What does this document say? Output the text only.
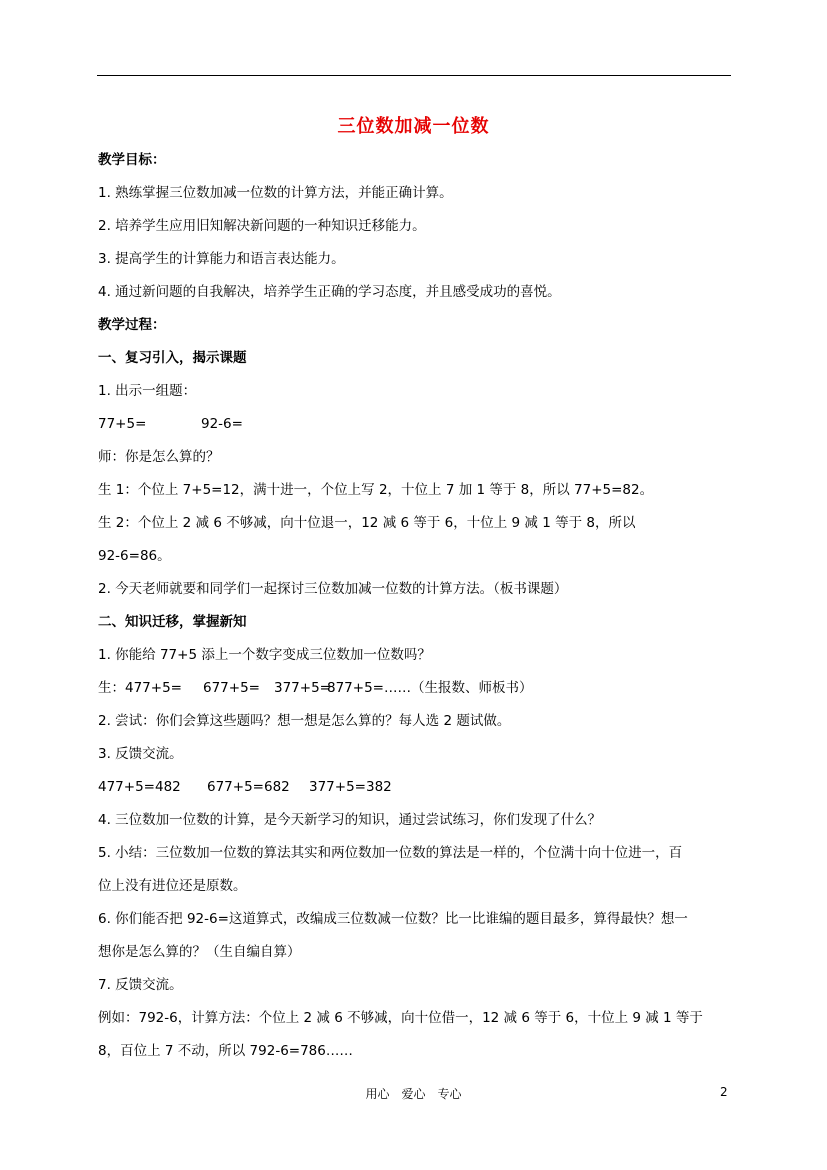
三位数加减一位数
教学目标：
1. 熟练掌握三位数加减一位数的计算方法，并能正确计算。
2. 培养学生应用旧知解决新问题的一种知识迁移能力。
3. 提高学生的计算能力和语言表达能力。
4. 通过新问题的自我解决，培养学生正确的学习态度，并且感受成功的喜悦。
教学过程：
一、复习引入，揭示课题
1. 出示一组题：
77+5=	92-6=
师：你是怎么算的？
生 1：个位上 7+5=12，满十进一，个位上写 2，十位上 7 加 1 等于 8，所以 77+5=82。
生 2：个位上 2 减 6 不够减，向十位退一，12 减 6 等于 6，十位上 9 减 1 等于 8，所以
92-6=86。
2. 今天老师就要和同学们一起探讨三位数加减一位数的计算方法。（板书课题）
二、知识迁移，掌握新知
1. 你能给 77+5 添上一个数字变成三位数加一位数吗？
生：477+5= 677+5= 377+5=877+5=……（生报数、师板书）
2. 尝试：你们会算这些题吗？想一想是怎么算的？每人选 2 题试做。
3. 反馈交流。
477+5=482 677+5=682 377+5=382
4. 三位数加一位数的计算，是今天新学习的知识，通过尝试练习，你们发现了什么？
5. 小结：三位数加一位数的算法其实和两位数加一位数的算法是一样的，个位满十向十位进一，百
位上没有进位还是原数。
6. 你们能否把 92-6=这道算式，改编成三位数减一位数？比一比谁编的题目最多，算得最快？想一
想你是怎么算的？（生自编自算）
7. 反馈交流。
例如：792-6，计算方法：个位上 2 减 6 不够减，向十位借一，12 减 6 等于 6，十位上 9 减 1 等于
8，百位上 7 不动，所以 792-6=786……
用心 爱心 专心	2
